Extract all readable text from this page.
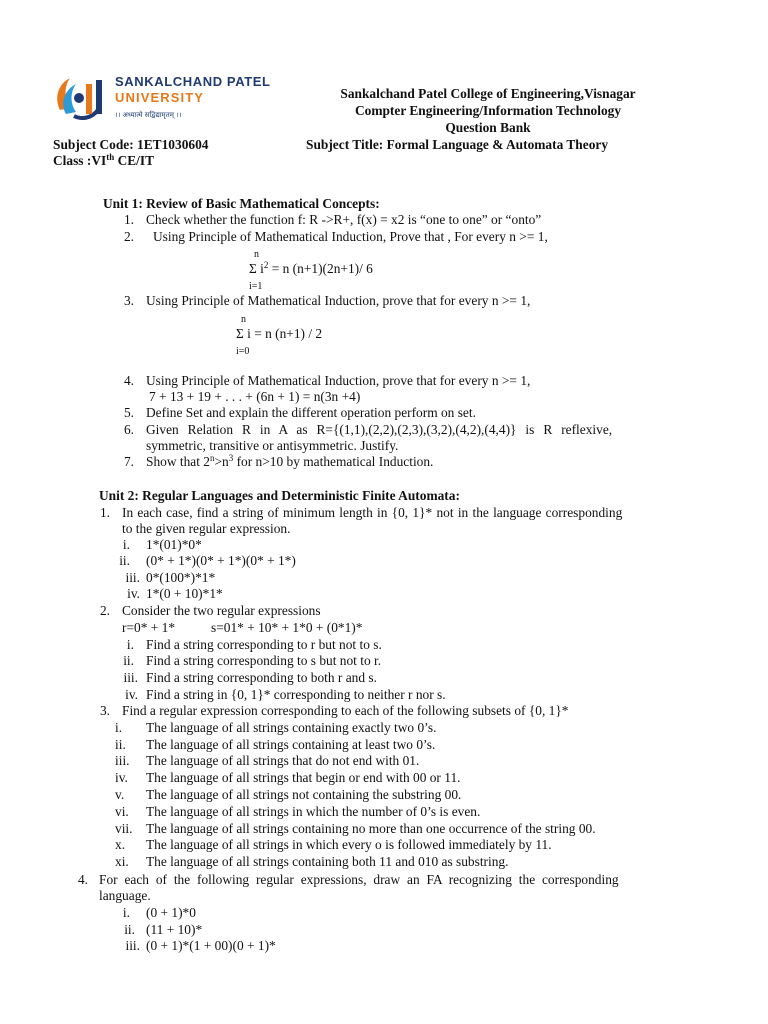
SANKALCHAND PATEL
UNIVERSITY
।। अध्यात्मे सद्विद्यामृतम् ।।
Sankalchand Patel College of Engineering,Visnagar
Compter Engineering/Information Technology
Question Bank
Subject Code: 1ET1030604	Subject Title: Formal Language & Automata Theory
Class :VIth CE/IT
Unit 1: Review of Basic Mathematical Concepts:
1. Check whether the function f: R ->R+, f(x) = x2 is “one to one” or “onto”
2. Using Principle of Mathematical Induction, Prove that , For every n >= 1,
n
Σ $i^2 = n$ (n+1)(2n+1)/ 6
i=1
3. Using Principle of Mathematical Induction, prove that for every n >= 1,
n
Σ i = n (n+1) / 2
i=0
4. Using Principle of Mathematical Induction, prove that for every n >= 1,
7 + 13 + 19 + . . . + (6n + 1) = n(3n +4)
5. Define Set and explain the different operation perform on set.
6. Given Relation R in A as R={(1,1),(2,2),(2,3),(3,2),(4,2),(4,4)} is R reflexive,
symmetric, transitive or antisymmetric. Justify.
7. Show that $2^n>n^3$ for n>10 by mathematical Induction.
Unit 2: Regular Languages and Deterministic Finite Automata:
1. In each case, find a string of minimum length in {0, 1}* not in the language corresponding
to the given regular expression.
i. 1*(01)*0*
ii. (0* + 1*)(0* + 1*)(0* + 1*)
iii. 0*(100*)*1*
iv. 1*(0 + 10)*1*
2. Consider the two regular expressions
r=0* + 1*	s=01* + 10* + 1*0 + (0*1)*
i. Find a string corresponding to r but not to s.
ii. Find a string corresponding to s but not to r.
iii. Find a string corresponding to both r and s.
iv. Find a string in {0, 1}* corresponding to neither r nor s.
3. Find a regular expression corresponding to each of the following subsets of {0, 1}*
i. The language of all strings containing exactly two 0’s.
ii. The language of all strings containing at least two 0’s.
iii. The language of all strings that do not end with 01.
iv. The language of all strings that begin or end with 00 or 11.
v. The language of all strings not containing the substring 00.
vi. The language of all strings in which the number of 0’s is even.
vii. The language of all strings containing no more than one occurrence of the string 00.
x. The language of all strings in which every o is followed immediately by 11.
xi. The language of all strings containing both 11 and 010 as substring.
4. For each of the following regular expressions, draw an FA recognizing the corresponding
language.
i. (0 + 1)*0
ii. (11 + 10)*
iii. (0 + 1)*(1 + 00)(0 + 1)*
